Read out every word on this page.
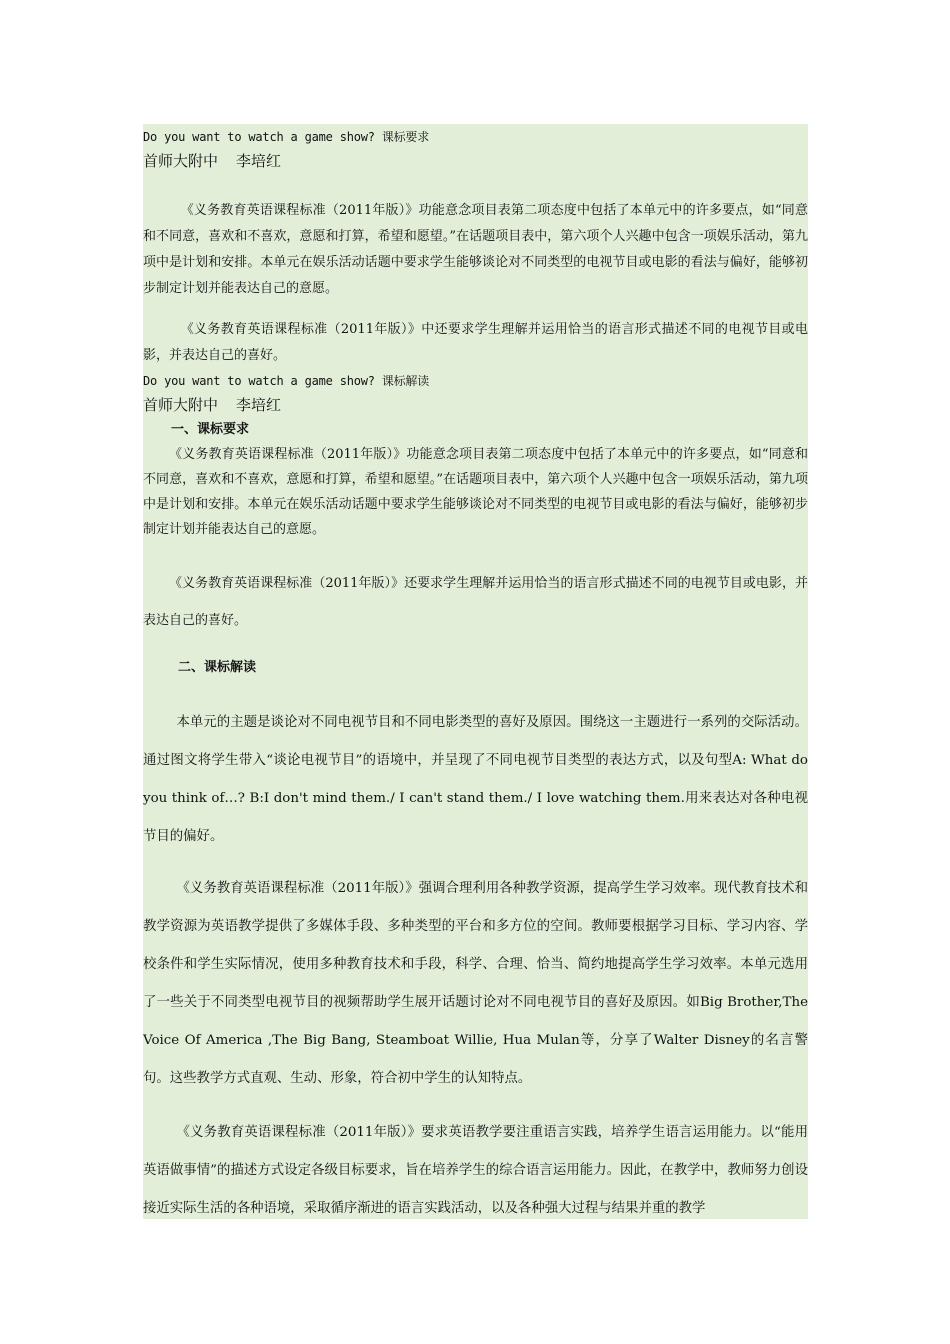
Do you want to watch a game show? 课标要求
首师大附中 李培红

《义务教育英语课程标准（2011年版）》功能意念项目表第二项态度中包括了本单元中的许多要点，如“同意和不同意，喜欢和不喜欢，意愿和打算，希望和愿望。”在话题项目表中，第六项个人兴趣中包含一项娱乐活动，第九项中是计划和安排。本单元在娱乐活动话题中要求学生能够谈论对不同类型的电视节目或电影的看法与偏好，能够初步制定计划并能表达自己的意愿。

《义务教育英语课程标准（2011年版）》中还要求学生理解并运用恰当的语言形式描述不同的电视节目或电影，并表达自己的喜好。

Do you want to watch a game show? 课标解读
首师大附中 李培红
一、课标要求

《义务教育英语课程标准（2011年版）》功能意念项目表第二项态度中包括了本单元中的许多要点，如“同意和不同意，喜欢和不喜欢，意愿和打算，希望和愿望。”在话题项目表中，第六项个人兴趣中包含一项娱乐活动，第九项中是计划和安排。本单元在娱乐活动话题中要求学生能够谈论对不同类型的电视节目或电影的看法与偏好，能够初步制定计划并能表达自己的意愿。

《义务教育英语课程标准（2011年版）》还要求学生理解并运用恰当的语言形式描述不同的电视节目或电影，并表达自己的喜好。

二、课标解读

本单元的主题是谈论对不同电视节目和不同电影类型的喜好及原因。围绕这一主题进行一系列的交际活动。通过图文将学生带入“谈论电视节目”的语境中，并呈现了不同电视节目类型的表达方式，以及句型A: What do you think of…? B:I don't mind them./ I can't stand them./ I love watching them.用来表达对各种电视节目的偏好。

《义务教育英语课程标准（2011年版）》强调合理利用各种教学资源，提高学生学习效率。现代教育技术和教学资源为英语教学提供了多媒体手段、多种类型的平台和多方位的空间。教师要根据学习目标、学习内容、学校条件和学生实际情况，使用多种教育技术和手段，科学、合理、恰当、简约地提高学生学习效率。本单元选用了一些关于不同类型电视节目的视频帮助学生展开话题讨论对不同电视节目的喜好及原因。如Big Brother,The Voice Of America ,The Big Bang, Steamboat Willie, Hua Mulan等，分享了Walter Disney的名言警句。这些教学方式直观、生动、形象，符合初中学生的认知特点。

《义务教育英语课程标准（2011年版）》要求英语教学要注重语言实践，培养学生语言运用能力。以“能用英语做事情”的描述方式设定各级目标要求，旨在培养学生的综合语言运用能力。因此，在教学中，教师努力创设接近实际生活的各种语境，采取循序渐进的语言实践活动，以及各种强大过程与结果并重的教学
